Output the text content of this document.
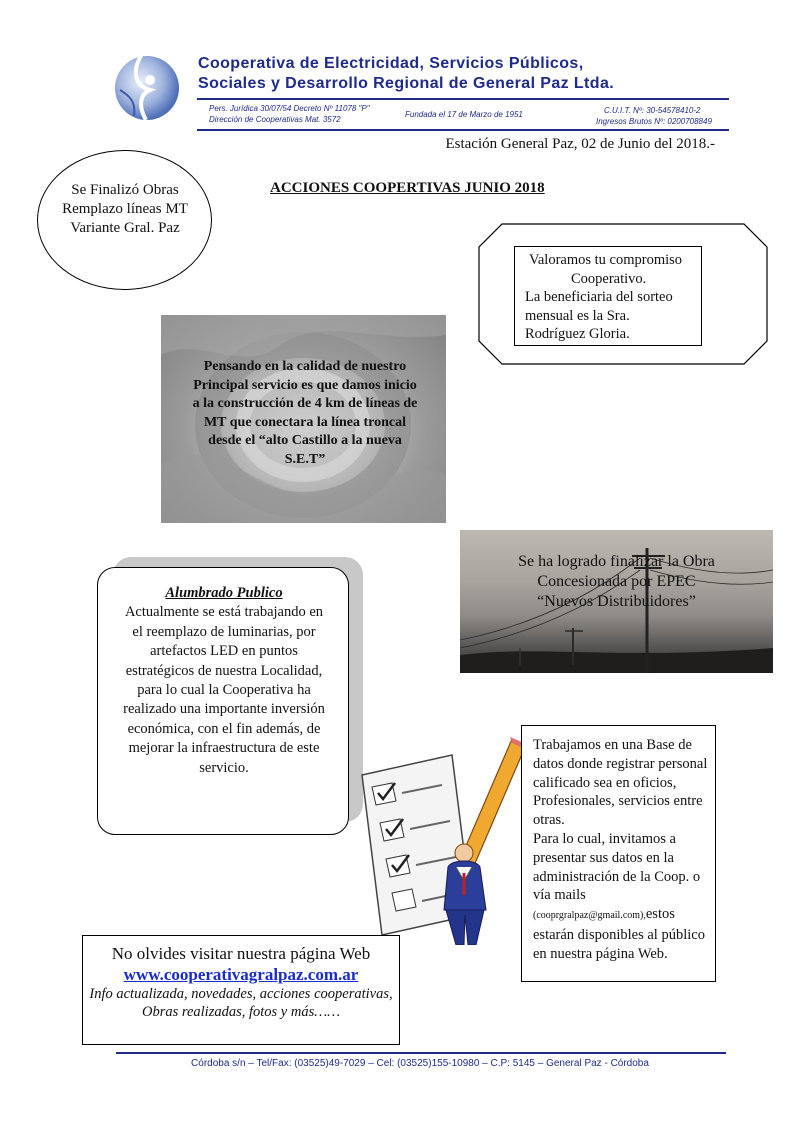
Cooperativa de Electricidad, Servicios Públicos,
Sociales y Desarrollo Regional de General Paz Ltda.
Pers. Jurídica 30/07/54 Decreto Nº 11078 "P"
Dirección de Cooperativas Mat. 3572
Fundada el 17 de Marzo de 1951	C.U.I.T. Nº: 30-54578410-2
Ingresos Brutos Nº: 0200708849
Estación General Paz, 02 de Junio del 2018.-
Se Finalizó Obras Remplazo líneas MT Variante Gral. Paz
ACCIONES COOPERTIVAS JUNIO 2018
Valoramos tu compromiso
Cooperativo.
La beneficiaria del sorteo
mensual es la Sra.
Rodríguez Gloria.
Pensando en la calidad de nuestro Principal servicio es que damos inicio a la construcción de 4 km de líneas de MT que conectara la línea troncal desde el “alto Castillo a la nueva S.E.T”
Se ha logrado finalizar la Obra
Concesionada por EPEC
“Nuevos Distribuidores”
Alumbrado Publico
Actualmente se está trabajando en el reemplazo de luminarias, por artefactos LED en puntos estratégicos de nuestra Localidad, para lo cual la Cooperativa ha realizado una importante inversión económica, con el fin además, de mejorar la infraestructura de este servicio.
Trabajamos en una Base de datos donde registrar personal calificado sea en oficios, Profesionales, servicios entre otras.
Para lo cual, invitamos a presentar sus datos en la administración de la Coop. o vía mails
(cooprgralpaz@gmail.com),estos estarán disponibles al público en nuestra página Web.
No olvides visitar nuestra página Web
www.cooperativagralpaz.com.ar
Info actualizada, novedades, acciones cooperativas, Obras realizadas, fotos y más……
Córdoba s/n – Tel/Fax: (03525)49-7029 – Cel: (03525)155-10980 – C.P: 5145 – General Paz - Córdoba
